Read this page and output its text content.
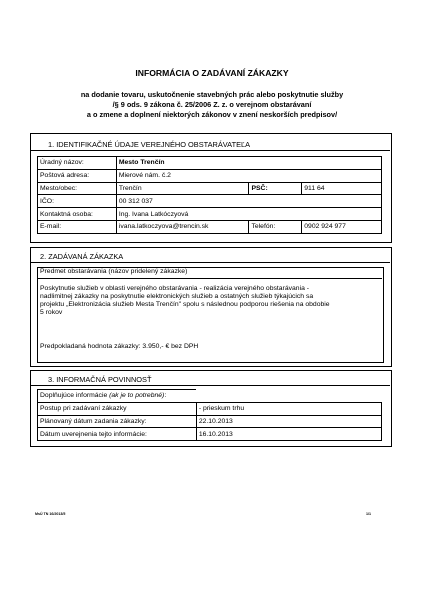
INFORMÁCIA O ZADÁVANÍ ZÁKAZKY
na dodanie tovaru, uskutočnenie stavebných prác alebo poskytnutie služby
/§ 9 ods. 9 zákona č. 25/2006 Z. z. o verejnom obstarávaní
a o zmene a doplnení niektorých zákonov v znení neskorších predpisov/
1. IDENTIFIKAČNÉ ÚDAJE VEREJNÉHO OBSTARÁVATEĽA
Úradný názov:	Mesto Trenčín		
Poštová adresa:	Mierové nám. č.2		
Mesto/obec:	Trenčín	PSČ:	911 64
IČO:	00 312 037		
Kontaktná osoba:	Ing. Ivana Latkóczyová		
E-mail:	ivana.latkoczyova@trencin.sk	Telefón:	0902 924 977
2. ZADÁVANÁ ZÁKAZKA
Predmet obstarávania (názov pridelený zákazke)
Poskytnutie služieb v oblasti verejného obstarávania - realizácia verejného obstarávania -
nadlimitnej zákazky na poskytnutie elektronických služieb a ostatných služieb týkajúcich sa
projektu „Elektronizácia služieb Mesta Trenčín" spolu s následnou podporou riešenia na obdobie
5 rokov
Predpokladaná hodnota zákazky: 3.950,- € bez DPH
3. INFORMAČNÁ POVINNOSŤ
Doplňujúce informácie (ak je to potrebné):	
Postup pri zadávaní zákazky	- prieskum trhu
Plánovaný dátum zadania zákazky:	22.10.2013
Dátum uverejnenia tejto informácie:	16.10.2013
MsÚ TN 16/2013/5	1/1
